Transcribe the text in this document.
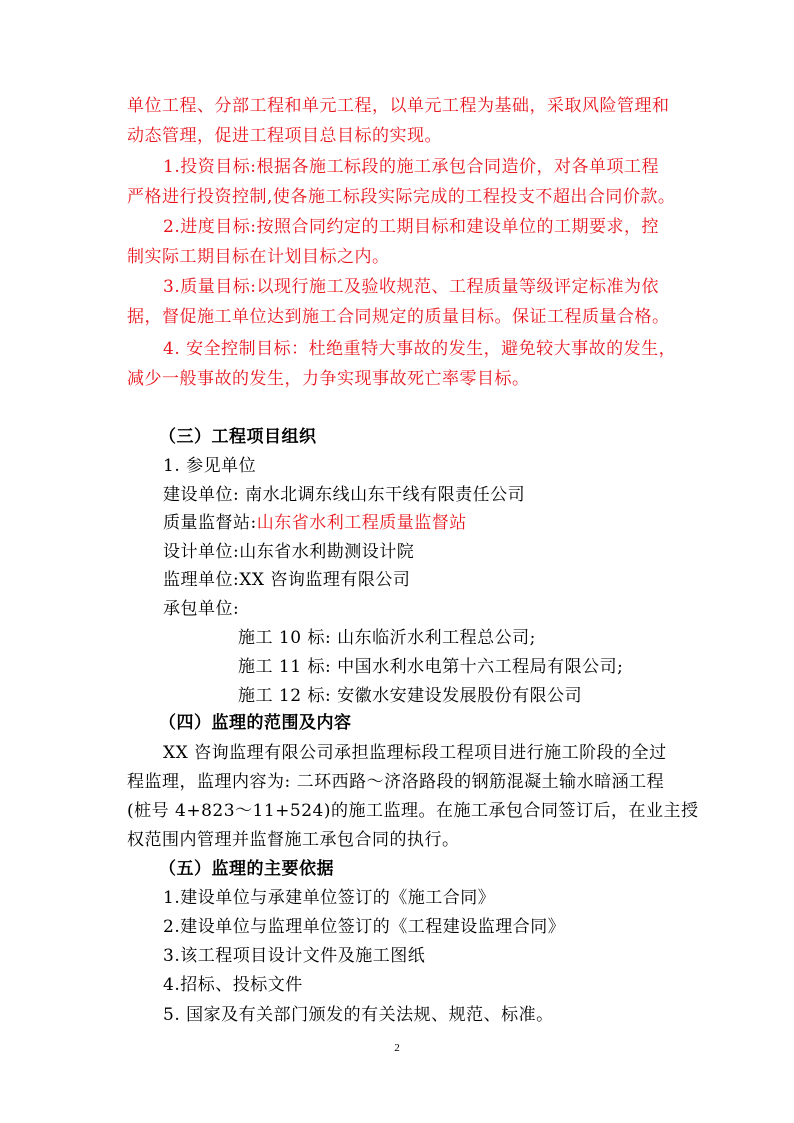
单位工程、分部工程和单元工程，以单元工程为基础，采取风险管理和
动态管理，促进工程项目总目标的实现。
1.投资目标:根据各施工标段的施工承包合同造价，对各单项工程
严格进行投资控制,使各施工标段实际完成的工程投支不超出合同价款。
2.进度目标:按照合同约定的工期目标和建设单位的工期要求，控
制实际工期目标在计划目标之内。
3.质量目标:以现行施工及验收规范、工程质量等级评定标准为依
据，督促施工单位达到施工合同规定的质量目标。保证工程质量合格。
4. 安全控制目标：杜绝重特大事故的发生，避免较大事故的发生，
减少一般事故的发生，力争实现事故死亡率零目标。
（三）工程项目组织
1. 参见单位
建设单位: 南水北调东线山东干线有限责任公司
质量监督站:山东省水利工程质量监督站
设计单位:山东省水利勘测设计院
监理单位:XX 咨询监理有限公司
承包单位:
施工 10 标: 山东临沂水利工程总公司;
施工 11 标: 中国水利水电第十六工程局有限公司;
施工 12 标: 安徽水安建设发展股份有限公司
（四）监理的范围及内容
XX 咨询监理有限公司承担监理标段工程项目进行施工阶段的全过
程监理，监理内容为: 二环西路～济洛路段的钢筋混凝土输水暗涵工程
(桩号 4+823～11+524)的施工监理。在施工承包合同签订后，在业主授
权范围内管理并监督施工承包合同的执行。
（五）监理的主要依据
1.建设单位与承建单位签订的《施工合同》
2.建设单位与监理单位签订的《工程建设监理合同》
3.该工程项目设计文件及施工图纸
4.招标、投标文件
5. 国家及有关部门颁发的有关法规、规范、标准。
2
